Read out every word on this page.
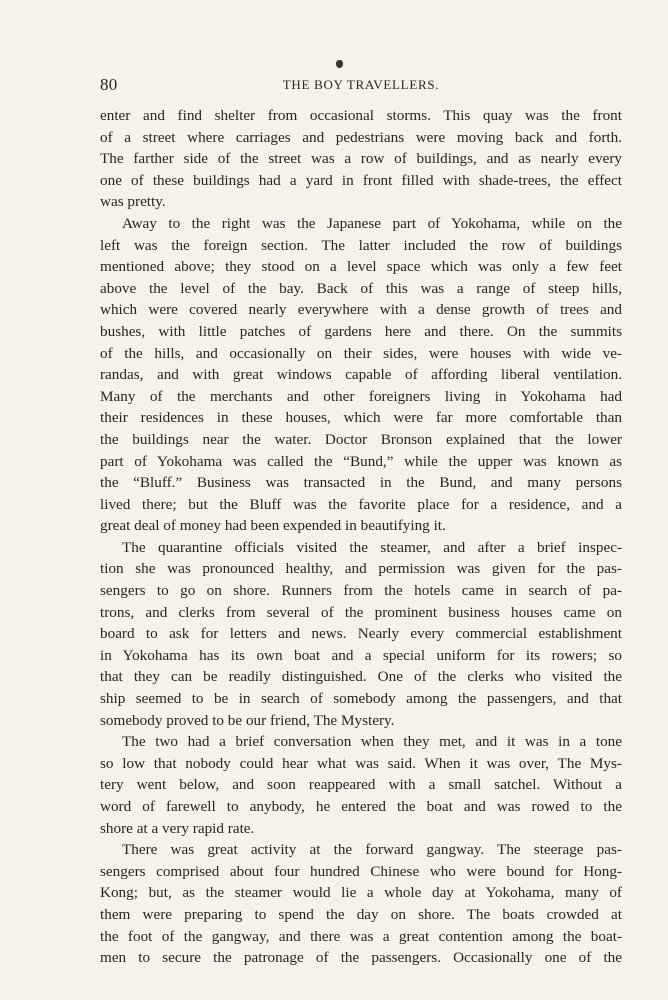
80	THE BOY TRAVELLERS.
enter and find shelter from occasional storms. This quay was the front
of a street where carriages and pedestrians were moving back and forth.
The farther side of the street was a row of buildings, and as nearly every
one of these buildings had a yard in front filled with shade-trees, the effect
was pretty.
Away to the right was the Japanese part of Yokohama, while on the
left was the foreign section. The latter included the row of buildings
mentioned above; they stood on a level space which was only a few feet
above the level of the bay. Back of this was a range of steep hills,
which were covered nearly everywhere with a dense growth of trees and
bushes, with little patches of gardens here and there. On the summits
of the hills, and occasionally on their sides, were houses with wide ve-
randas, and with great windows capable of affording liberal ventilation.
Many of the merchants and other foreigners living in Yokohama had
their residences in these houses, which were far more comfortable than
the buildings near the water. Doctor Bronson explained that the lower
part of Yokohama was called the “Bund,” while the upper was known as
the “Bluff.” Business was transacted in the Bund, and many persons
lived there; but the Bluff was the favorite place for a residence, and a
great deal of money had been expended in beautifying it.
The quarantine officials visited the steamer, and after a brief inspec-
tion she was pronounced healthy, and permission was given for the pas-
sengers to go on shore. Runners from the hotels came in search of pa-
trons, and clerks from several of the prominent business houses came on
board to ask for letters and news. Nearly every commercial establishment
in Yokohama has its own boat and a special uniform for its rowers; so
that they can be readily distinguished. One of the clerks who visited the
ship seemed to be in search of somebody among the passengers, and that
somebody proved to be our friend, The Mystery.
The two had a brief conversation when they met, and it was in a tone
so low that nobody could hear what was said. When it was over, The Mys-
tery went below, and soon reappeared with a small satchel. Without a
word of farewell to anybody, he entered the boat and was rowed to the
shore at a very rapid rate.
There was great activity at the forward gangway. The steerage pas-
sengers comprised about four hundred Chinese who were bound for Hong-
Kong; but, as the steamer would lie a whole day at Yokohama, many of
them were preparing to spend the day on shore. The boats crowded at
the foot of the gangway, and there was a great contention among the boat-
men to secure the patronage of the passengers. Occasionally one of the
